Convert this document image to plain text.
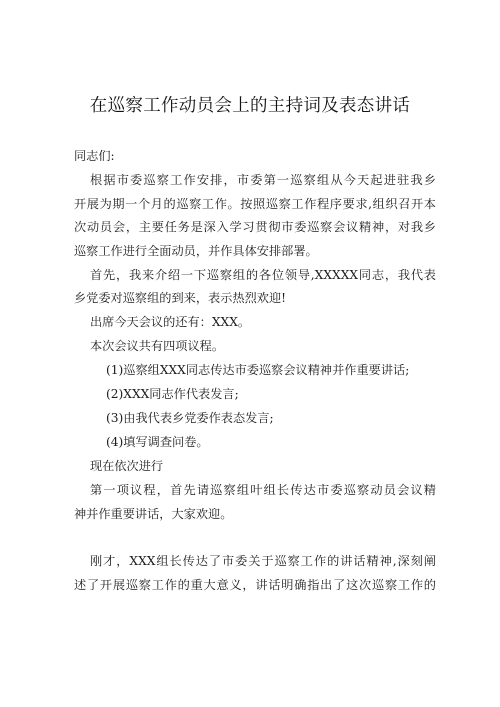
在巡察工作动员会上的主持词及表态讲话
同志们:
根据市委巡察工作安排，市委第一巡察组从今天起进驻我乡
开展为期一个月的巡察工作。按照巡察工作程序要求,组织召开本
次动员会，主要任务是深入学习贯彻市委巡察会议精神，对我乡
巡察工作进行全面动员，并作具体安排部署。
首先，我来介绍一下巡察组的各位领导,XXXXX同志，我代表
乡党委对巡察组的到来，表示热烈欢迎!
出席今天会议的还有：XXX。
本次会议共有四项议程。
(1)巡察组XXX同志传达市委巡察会议精神并作重要讲话;
(2)XXX同志作代表发言;
(3)由我代表乡党委作表态发言;
(4)填写调查问卷。
现在依次进行
第一项议程，首先请巡察组叶组长传达市委巡察动员会议精
神并作重要讲话，大家欢迎。
刚才，XXX组长传达了市委关于巡察工作的讲话精神,深刻阐
述了开展巡察工作的重大意义，讲话明确指出了这次巡察工作的
